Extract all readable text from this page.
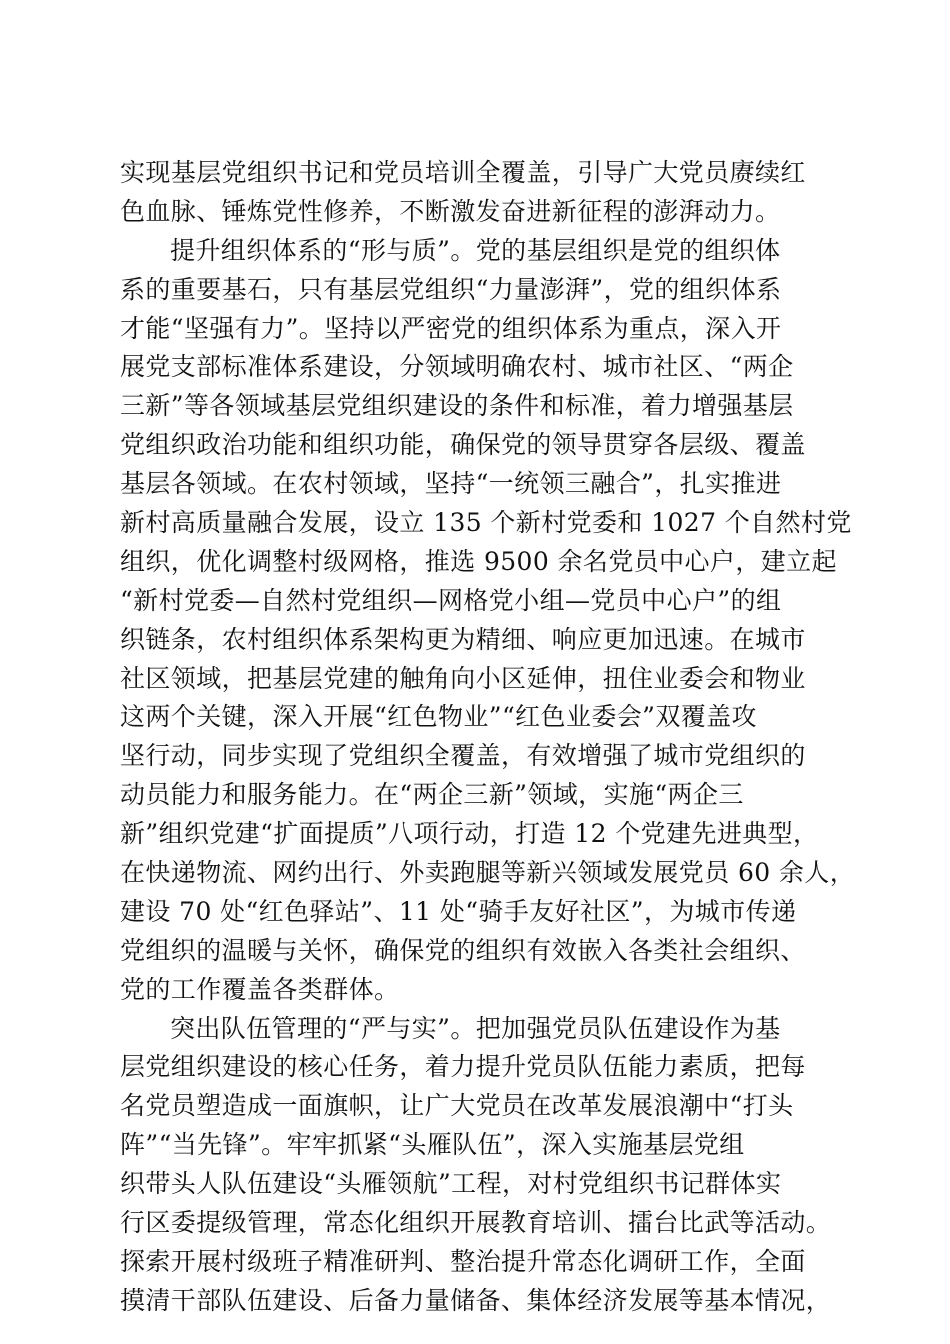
实现基层党组织书记和党员培训全覆盖，引导广大党员赓续红
色血脉、锤炼党性修养，不断激发奋进新征程的澎湃动力。
提升组织体系的“形与质”。党的基层组织是党的组织体
系的重要基石，只有基层党组织“力量澎湃”，党的组织体系
才能“坚强有力”。坚持以严密党的组织体系为重点，深入开
展党支部标准体系建设，分领域明确农村、城市社区、“两企
三新”等各领域基层党组织建设的条件和标准，着力增强基层
党组织政治功能和组织功能，确保党的领导贯穿各层级、覆盖
基层各领域。在农村领域，坚持“一统领三融合”，扎实推进
新村高质量融合发展，设立 135 个新村党委和 1027 个自然村党
组织，优化调整村级网格，推选 9500 余名党员中心户，建立起
“新村党委—自然村党组织—网格党小组—党员中心户”的组
织链条，农村组织体系架构更为精细、响应更加迅速。在城市
社区领域，把基层党建的触角向小区延伸，扭住业委会和物业
这两个关键，深入开展“红色物业”“红色业委会”双覆盖攻
坚行动，同步实现了党组织全覆盖，有效增强了城市党组织的
动员能力和服务能力。在“两企三新”领域，实施“两企三
新”组织党建“扩面提质”八项行动，打造 12 个党建先进典型，
在快递物流、网约出行、外卖跑腿等新兴领域发展党员 60 余人，
建设 70 处“红色驿站”、11 处“骑手友好社区”，为城市传递
党组织的温暖与关怀，确保党的组织有效嵌入各类社会组织、
党的工作覆盖各类群体。
突出队伍管理的“严与实”。把加强党员队伍建设作为基
层党组织建设的核心任务，着力提升党员队伍能力素质，把每
名党员塑造成一面旗帜，让广大党员在改革发展浪潮中“打头
阵”“当先锋”。牢牢抓紧“头雁队伍”，深入实施基层党组
织带头人队伍建设“头雁领航”工程，对村党组织书记群体实
行区委提级管理，常态化组织开展教育培训、擂台比武等活动。
探索开展村级班子精准研判、整治提升常态化调研工作，全面
摸清干部队伍建设、后备力量储备、集体经济发展等基本情况，
